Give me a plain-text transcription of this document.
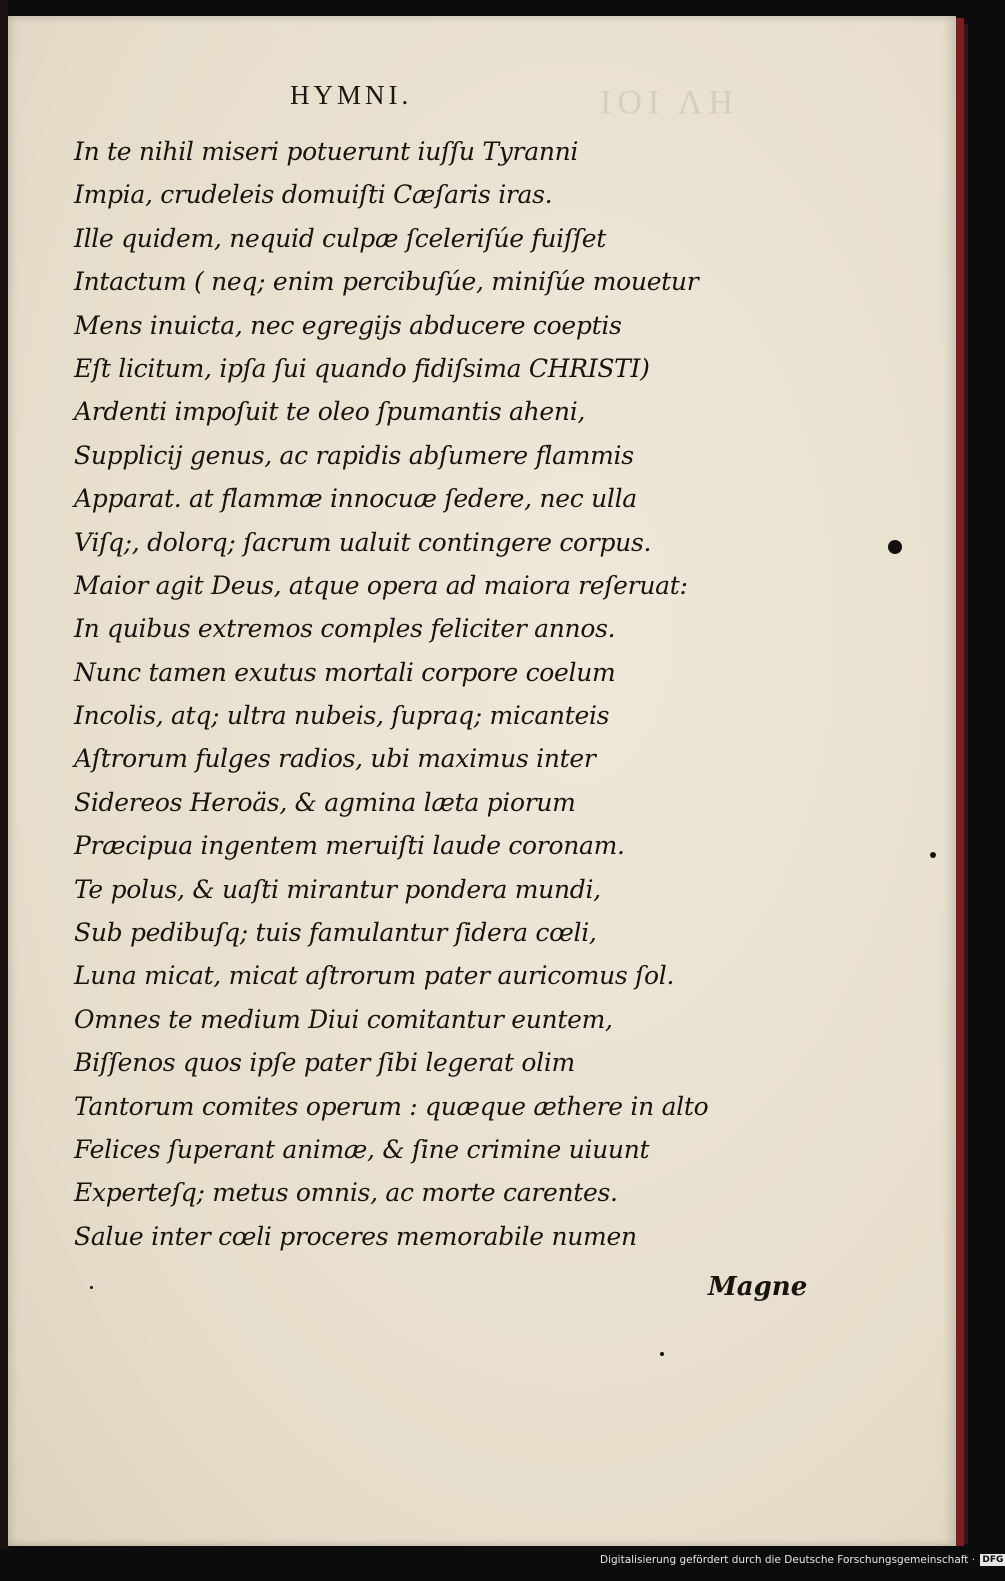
ΙΟΙ ΛΗ
HYMNI.
In te nihil miseri potuerunt iuſſu Tyranni
Impia, crudeleis domuiſti Cæſaris iras.
Ille quidem, nequid culpæ ſceleriſúe fuiſſet
Intactum ( neq; enim percibuſúe, miniſúe mouetur
Mens inuicta, nec egregijs abducere coeptis
Eſt licitum, ipſa ſui quando fidiſsima CHRISTI)
Ardenti impoſuit te oleo ſpumantis aheni,
Supplicij genus, ac rapidis abſumere flammis
Apparat. at flammæ innocuæ ſedere, nec ulla
Viſq;, dolorq; ſacrum ualuit contingere corpus.
Maior agit Deus, atque opera ad maiora reſeruat:
In quibus extremos comples feliciter annos.
Nunc tamen exutus mortali corpore coelum
Incolis, atq; ultra nubeis, ſupraq; micanteis
Aſtrorum fulges radios, ubi maximus inter
Sidereos Heroäs, & agmina læta piorum
Præcipua ingentem meruiſti laude coronam.
Te polus, & uaſti mirantur pondera mundi,
Sub pedibuſq; tuis famulantur ſidera cœli,
Luna micat, micat aſtrorum pater auricomus ſol.
Omnes te medium Diui comitantur euntem,
Biſſenos quos ipſe pater ſibi legerat olim
Tantorum comites operum : quæque æthere in alto
Felices ſuperant animæ, & ſine crimine uiuunt
Experteſq; metus omnis, ac morte carentes.
Salue inter cœli proceres memorabile numen
Magne
Digitalisierung gefördert durch die Deutsche Forschungsgemeinschaft · DFG
